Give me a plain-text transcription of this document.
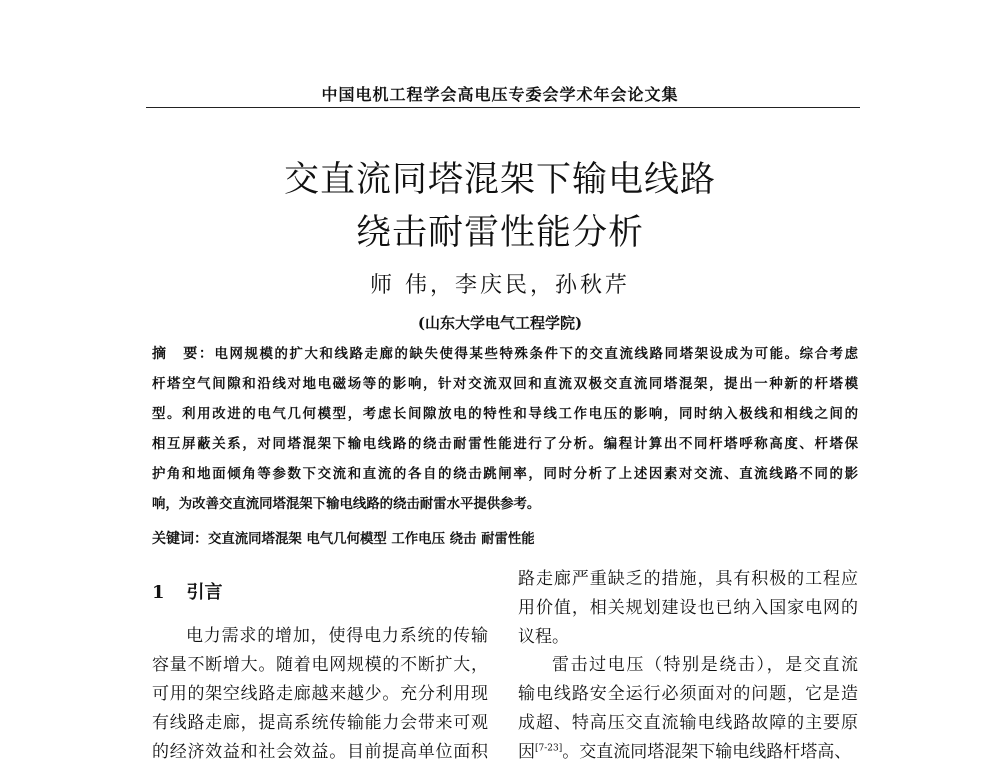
中国电机工程学会高电压专委会学术年会论文集
交直流同塔混架下输电线路
绕击耐雷性能分析
师 伟，李庆民，孙秋芹
(山东大学电气工程学院)
摘　要：电网规模的扩大和线路走廊的缺失使得某些特殊条件下的交直流线路同塔架设成为可能。综合考虑
杆塔空气间隙和沿线对地电磁场等的影响，针对交流双回和直流双极交直流同塔混架，提出一种新的杆塔模
型。利用改进的电气几何模型，考虑长间隙放电的特性和导线工作电压的影响，同时纳入极线和相线之间的
相互屏蔽关系，对同塔混架下输电线路的绕击耐雷性能进行了分析。编程计算出不同杆塔呼称高度、杆塔保
护角和地面倾角等参数下交流和直流的各自的绕击跳闸率，同时分析了上述因素对交流、直流线路不同的影
响，为改善交直流同塔混架下输电线路的绕击耐雷水平提供参考。
关键词：交直流同塔混架 电气几何模型 工作电压 绕击 耐雷性能
1 引言
电力需求的增加，使得电力系统的传输
容量不断增大。随着电网规模的不断扩大，
可用的架空线路走廊越来越少。充分利用现
有线路走廊，提高系统传输能力会带来可观
的经济效益和社会效益。目前提高单位面积
路走廊严重缺乏的措施，具有积极的工程应
用价值，相关规划建设也已纳入国家电网的
议程。
雷击过电压（特别是绕击），是交直流
输电线路安全运行必须面对的问题，它是造
成超、特高压交直流输电线路故障的主要原
因[7-23]。交直流同塔混架下输电线路杆塔高、
